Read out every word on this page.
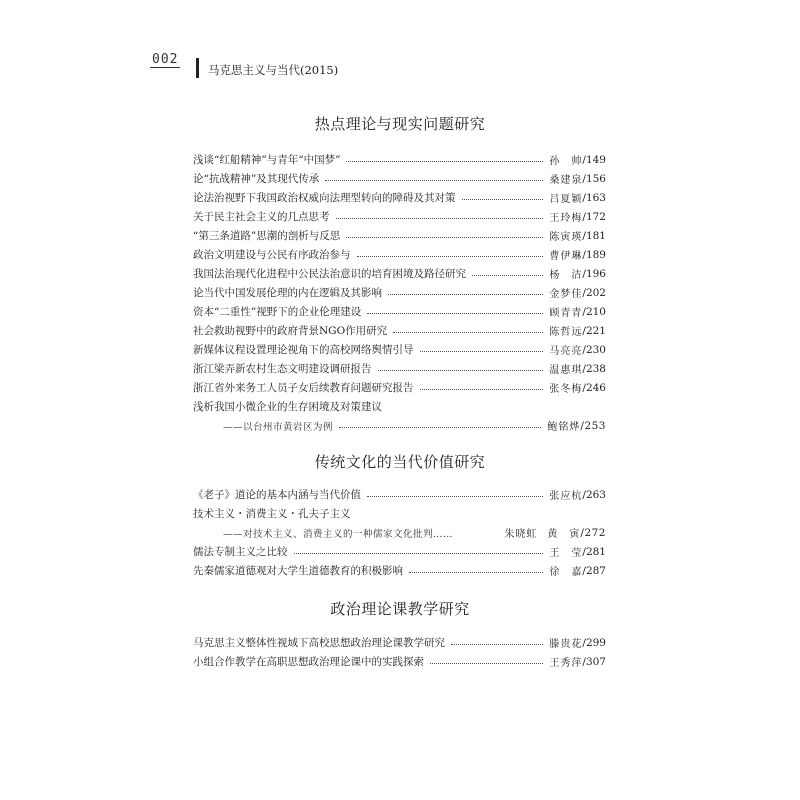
002
马克思主义与当代(2015)
热点理论与现实问题研究
浅谈“红船精神”与青年“中国梦”	孙　帅 /149
论“抗战精神”及其现代传承	桑建泉 /156
论法治视野下我国政治权威向法理型转向的障碍及其对策	吕夏颖 /163
关于民主社会主义的几点思考	王玲梅 /172
“第三条道路”思潮的剖析与反思	陈寅瑛 /181
政治文明建设与公民有序政治参与	曹伊琳 /189
我国法治现代化进程中公民法治意识的培育困境及路径研究	杨　洁 /196
论当代中国发展伦理的内在逻辑及其影响	金梦佳 /202
资本“二重性”视野下的企业伦理建设	顾青青 /210
社会救助视野中的政府背景NGO作用研究	陈哲远 /221
新媒体议程设置理论视角下的高校网络舆情引导	马亮亮 /230
浙江梁弄新农村生态文明建设调研报告	温惠琪 /238
浙江省外来务工人员子女后续教育问题研究报告	张冬梅 /246
浅析我国小微企业的生存困境及对策建议
——以台州市黄岩区为例	鲍铭烨 /253
传统文化的当代价值研究
《老子》道论的基本内涵与当代价值	张应杭 /263
技术主义・消费主义・孔夫子主义
——对技术主义、消费主义的一种儒家文化批判……	朱晓虹 黄　寅 /272
儒法专制主义之比较	王　莹 /281
先秦儒家道德观对大学生道德教育的积极影响	徐　嘉 /287
政治理论课教学研究
马克思主义整体性视域下高校思想政治理论课教学研究	滕贵花 /299
小组合作教学在高职思想政治理论课中的实践探索	王秀萍 /307
